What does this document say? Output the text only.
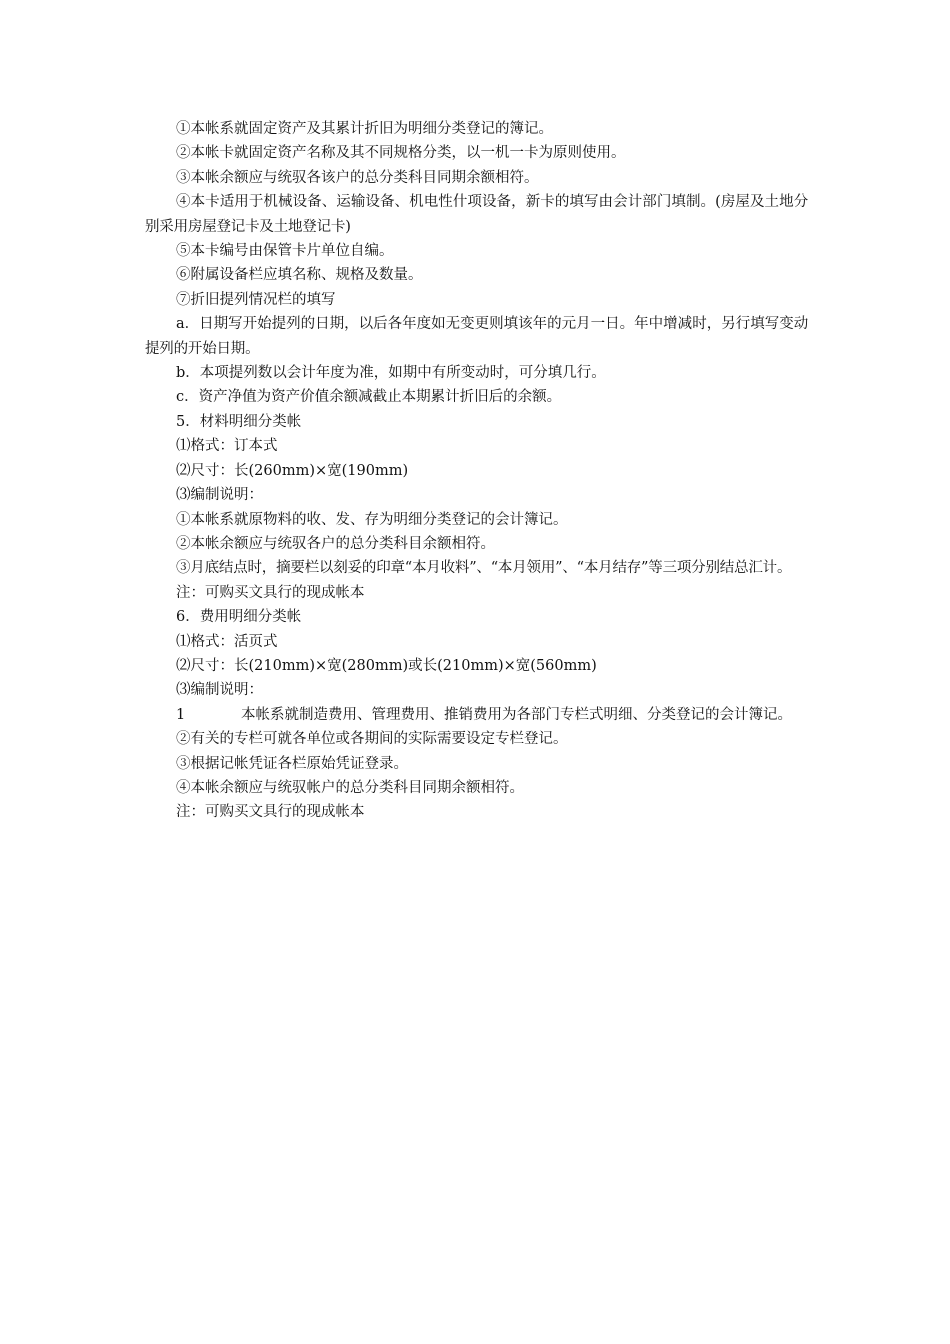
①本帐系就固定资产及其累计折旧为明细分类登记的簿记。

②本帐卡就固定资产名称及其不同规格分类，以一机一卡为原则使用。

③本帐余额应与统驭各该户的总分类科目同期余额相符。

④本卡适用于机械设备、运输设备、机电性什项设备，新卡的填写由会计部门填制。(房屋及土地分别采用房屋登记卡及土地登记卡)

⑤本卡编号由保管卡片单位自编。

⑥附属设备栏应填名称、规格及数量。

⑦折旧提列情况栏的填写

a．日期写开始提列的日期，以后各年度如无变更则填该年的元月一日。年中增减时，另行填写变动提列的开始日期。

b．本项提列数以会计年度为准，如期中有所变动时，可分填几行。

c．资产净值为资产价值余额减截止本期累计折旧后的余额。

5．材料明细分类帐

⑴格式：订本式

⑵尺寸：长(260mm)×宽(190mm)

⑶编制说明：

①本帐系就原物料的收、发、存为明细分类登记的会计簿记。

②本帐余额应与统驭各户的总分类科目余额相符。

③月底结点时，摘要栏以刻妥的印章“本月收料”、“本月领用”、“本月结存”等三项分别结总汇计。

注：可购买文具行的现成帐本

6．费用明细分类帐

⑴格式：活页式

⑵尺寸：长(210mm)×宽(280mm)或长(210mm)×宽(560mm)

⑶编制说明：

1	本帐系就制造费用、管理费用、推销费用为各部门专栏式明细、分类登记的会计簿记。

②有关的专栏可就各单位或各期间的实际需要设定专栏登记。

③根据记帐凭证各栏原始凭证登录。

④本帐余额应与统驭帐户的总分类科目同期余额相符。

注：可购买文具行的现成帐本
